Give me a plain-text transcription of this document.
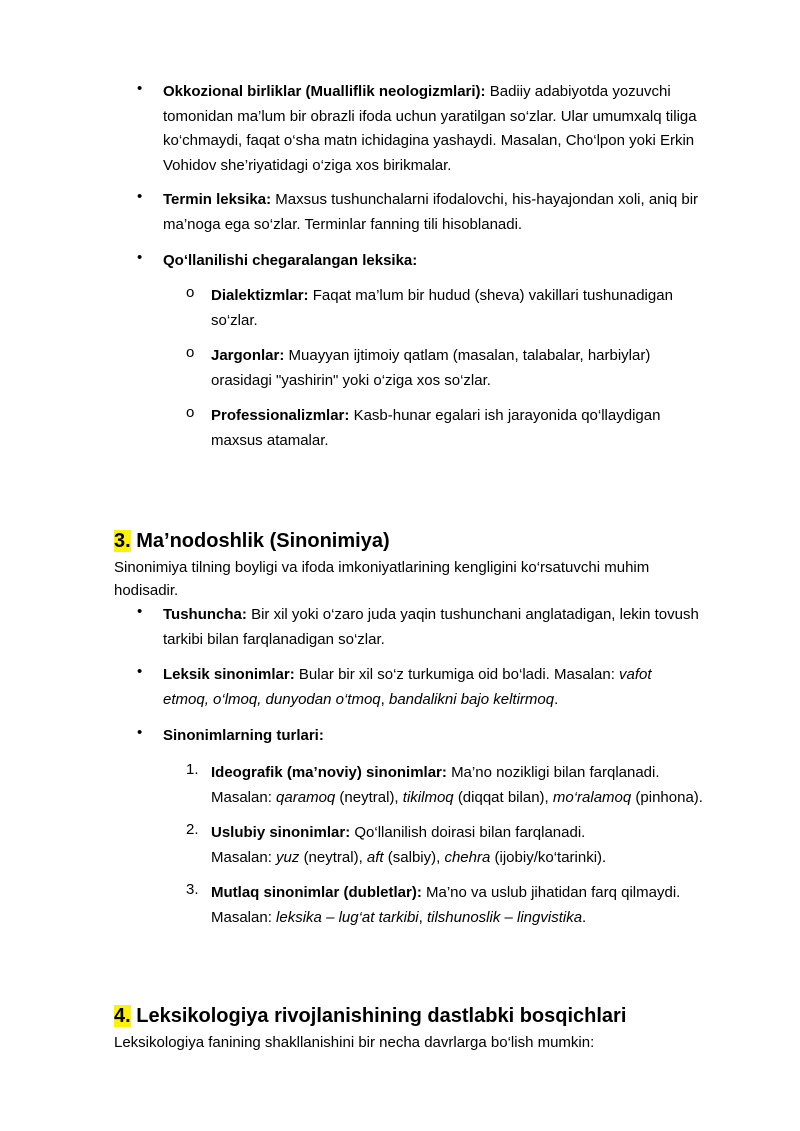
• Okkozional birliklar (Mualliflik neologizmlari): Badiiy adabiyotda yozuvchi
tomonidan ma’lum bir obrazli ifoda uchun yaratilgan so‘zlar. Ular umumxalq tiliga
ko‘chmaydi, faqat o‘sha matn ichidagina yashaydi. Masalan, Cho‘lpon yoki Erkin
Vohidov she’riyatidagi o‘ziga xos birikmalar.
• Termin leksika: Maxsus tushunchalarni ifodalovchi, his-hayajondan xoli, aniq bir
ma’noga ega so‘zlar. Terminlar fanning tili hisoblanadi.
• Qo‘llanilishi chegaralangan leksika:
o Dialektizmlar: Faqat ma’lum bir hudud (sheva) vakillari tushunadigan
so‘zlar.
o Jargonlar: Muayyan ijtimoiy qatlam (masalan, talabalar, harbiylar)
orasidagi "yashirin" yoki o‘ziga xos so‘zlar.
o Professionalizmlar: Kasb-hunar egalari ish jarayonida qo‘llaydigan
maxsus atamalar.
3. Ma’nodoshlik (Sinonimiya)
Sinonimiya tilning boyligi va ifoda imkoniyatlarining kengligini ko‘rsatuvchi muhim
hodisadir.
• Tushuncha: Bir xil yoki o‘zaro juda yaqin tushunchani anglatadigan, lekin tovush
tarkibi bilan farqlanadigan so‘zlar.
• Leksik sinonimlar: Bular bir xil so‘z turkumiga oid bo‘ladi. Masalan: vafot
etmoq, o‘lmoq, dunyodan o‘tmoq, bandalikni bajo keltirmoq.
• Sinonimlarning turlari:
1. Ideografik (ma’noviy) sinonimlar: Ma’no nozikligi bilan farqlanadi.
Masalan: qaramoq (neytral), tikilmoq (diqqat bilan), mo‘ralamoq (pinhona).
2. Uslubiy sinonimlar: Qo‘llanilish doirasi bilan farqlanadi.
Masalan: yuz (neytral), aft (salbiy), chehra (ijobiy/ko‘tarinki).
3. Mutlaq sinonimlar (dubletlar): Ma’no va uslub jihatidan farq qilmaydi.
Masalan: leksika – lug‘at tarkibi, tilshunoslik – lingvistika.
4. Leksikologiya rivojlanishining dastlabki bosqichlari
Leksikologiya fanining shakllanishini bir necha davrlarga bo‘lish mumkin:
